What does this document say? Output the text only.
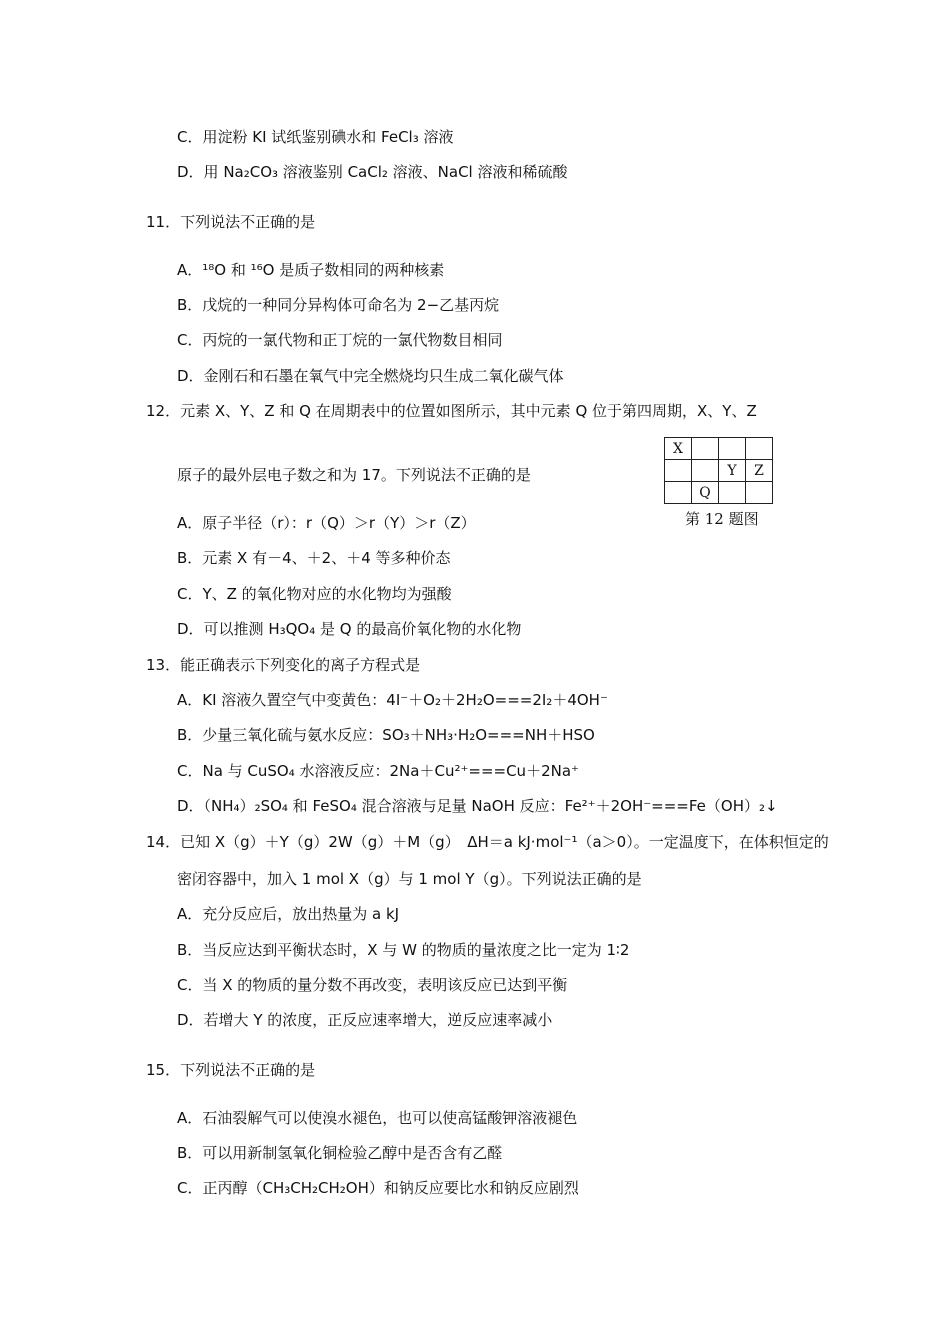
C．用淀粉 KI 试纸鉴别碘水和 FeCl₃ 溶液
D．用 Na₂CO₃ 溶液鉴别 CaCl₂ 溶液、NaCl 溶液和稀硫酸
11．下列说法不正确的是
A．¹⁸O 和 ¹⁶O 是质子数相同的两种核素
B．戊烷的一种同分异构体可命名为 2−乙基丙烷
C．丙烷的一氯代物和正丁烷的一氯代物数目相同
D．金刚石和石墨在氧气中完全燃烧均只生成二氧化碳气体
12．元素 X、Y、Z 和 Q 在周期表中的位置如图所示，其中元素 Q 位于第四周期，X、Y、Z
原子的最外层电子数之和为 17。下列说法不正确的是
X			
		Y	Z
	Q		
第 12 题图
A．原子半径（r）：r（Q）＞r（Y）＞r（Z）
B．元素 X 有－4、＋2、＋4 等多种价态
C．Y、Z 的氧化物对应的水化物均为强酸
D．可以推测 H₃QO₄ 是 Q 的最高价氧化物的水化物
13．能正确表示下列变化的离子方程式是
A．KI 溶液久置空气中变黄色：4I⁻＋O₂＋2H₂O===2I₂＋4OH⁻
B．少量三氧化硫与氨水反应：SO₃＋NH₃·H₂O===NH＋HSO
C．Na 与 CuSO₄ 水溶液反应：2Na＋Cu²⁺===Cu＋2Na⁺
D．（NH₄）₂SO₄ 和 FeSO₄ 混合溶液与足量 NaOH 反应：Fe²⁺＋2OH⁻===Fe（OH）₂↓
14．已知 X（g）＋Y（g）2W（g）＋M（g）　ΔH＝a kJ·mol⁻¹（a＞0）。一定温度下，在体积恒定的
密闭容器中，加入 1 mol X（g）与 1 mol Y（g）。下列说法正确的是
A．充分反应后，放出热量为 a kJ
B．当反应达到平衡状态时，X 与 W 的物质的量浓度之比一定为 1∶2
C．当 X 的物质的量分数不再改变，表明该反应已达到平衡
D．若增大 Y 的浓度，正反应速率增大，逆反应速率减小
15．下列说法不正确的是
A．石油裂解气可以使溴水褪色，也可以使高锰酸钾溶液褪色
B．可以用新制氢氧化铜检验乙醇中是否含有乙醛
C．正丙醇（CH₃CH₂CH₂OH）和钠反应要比水和钠反应剧烈
